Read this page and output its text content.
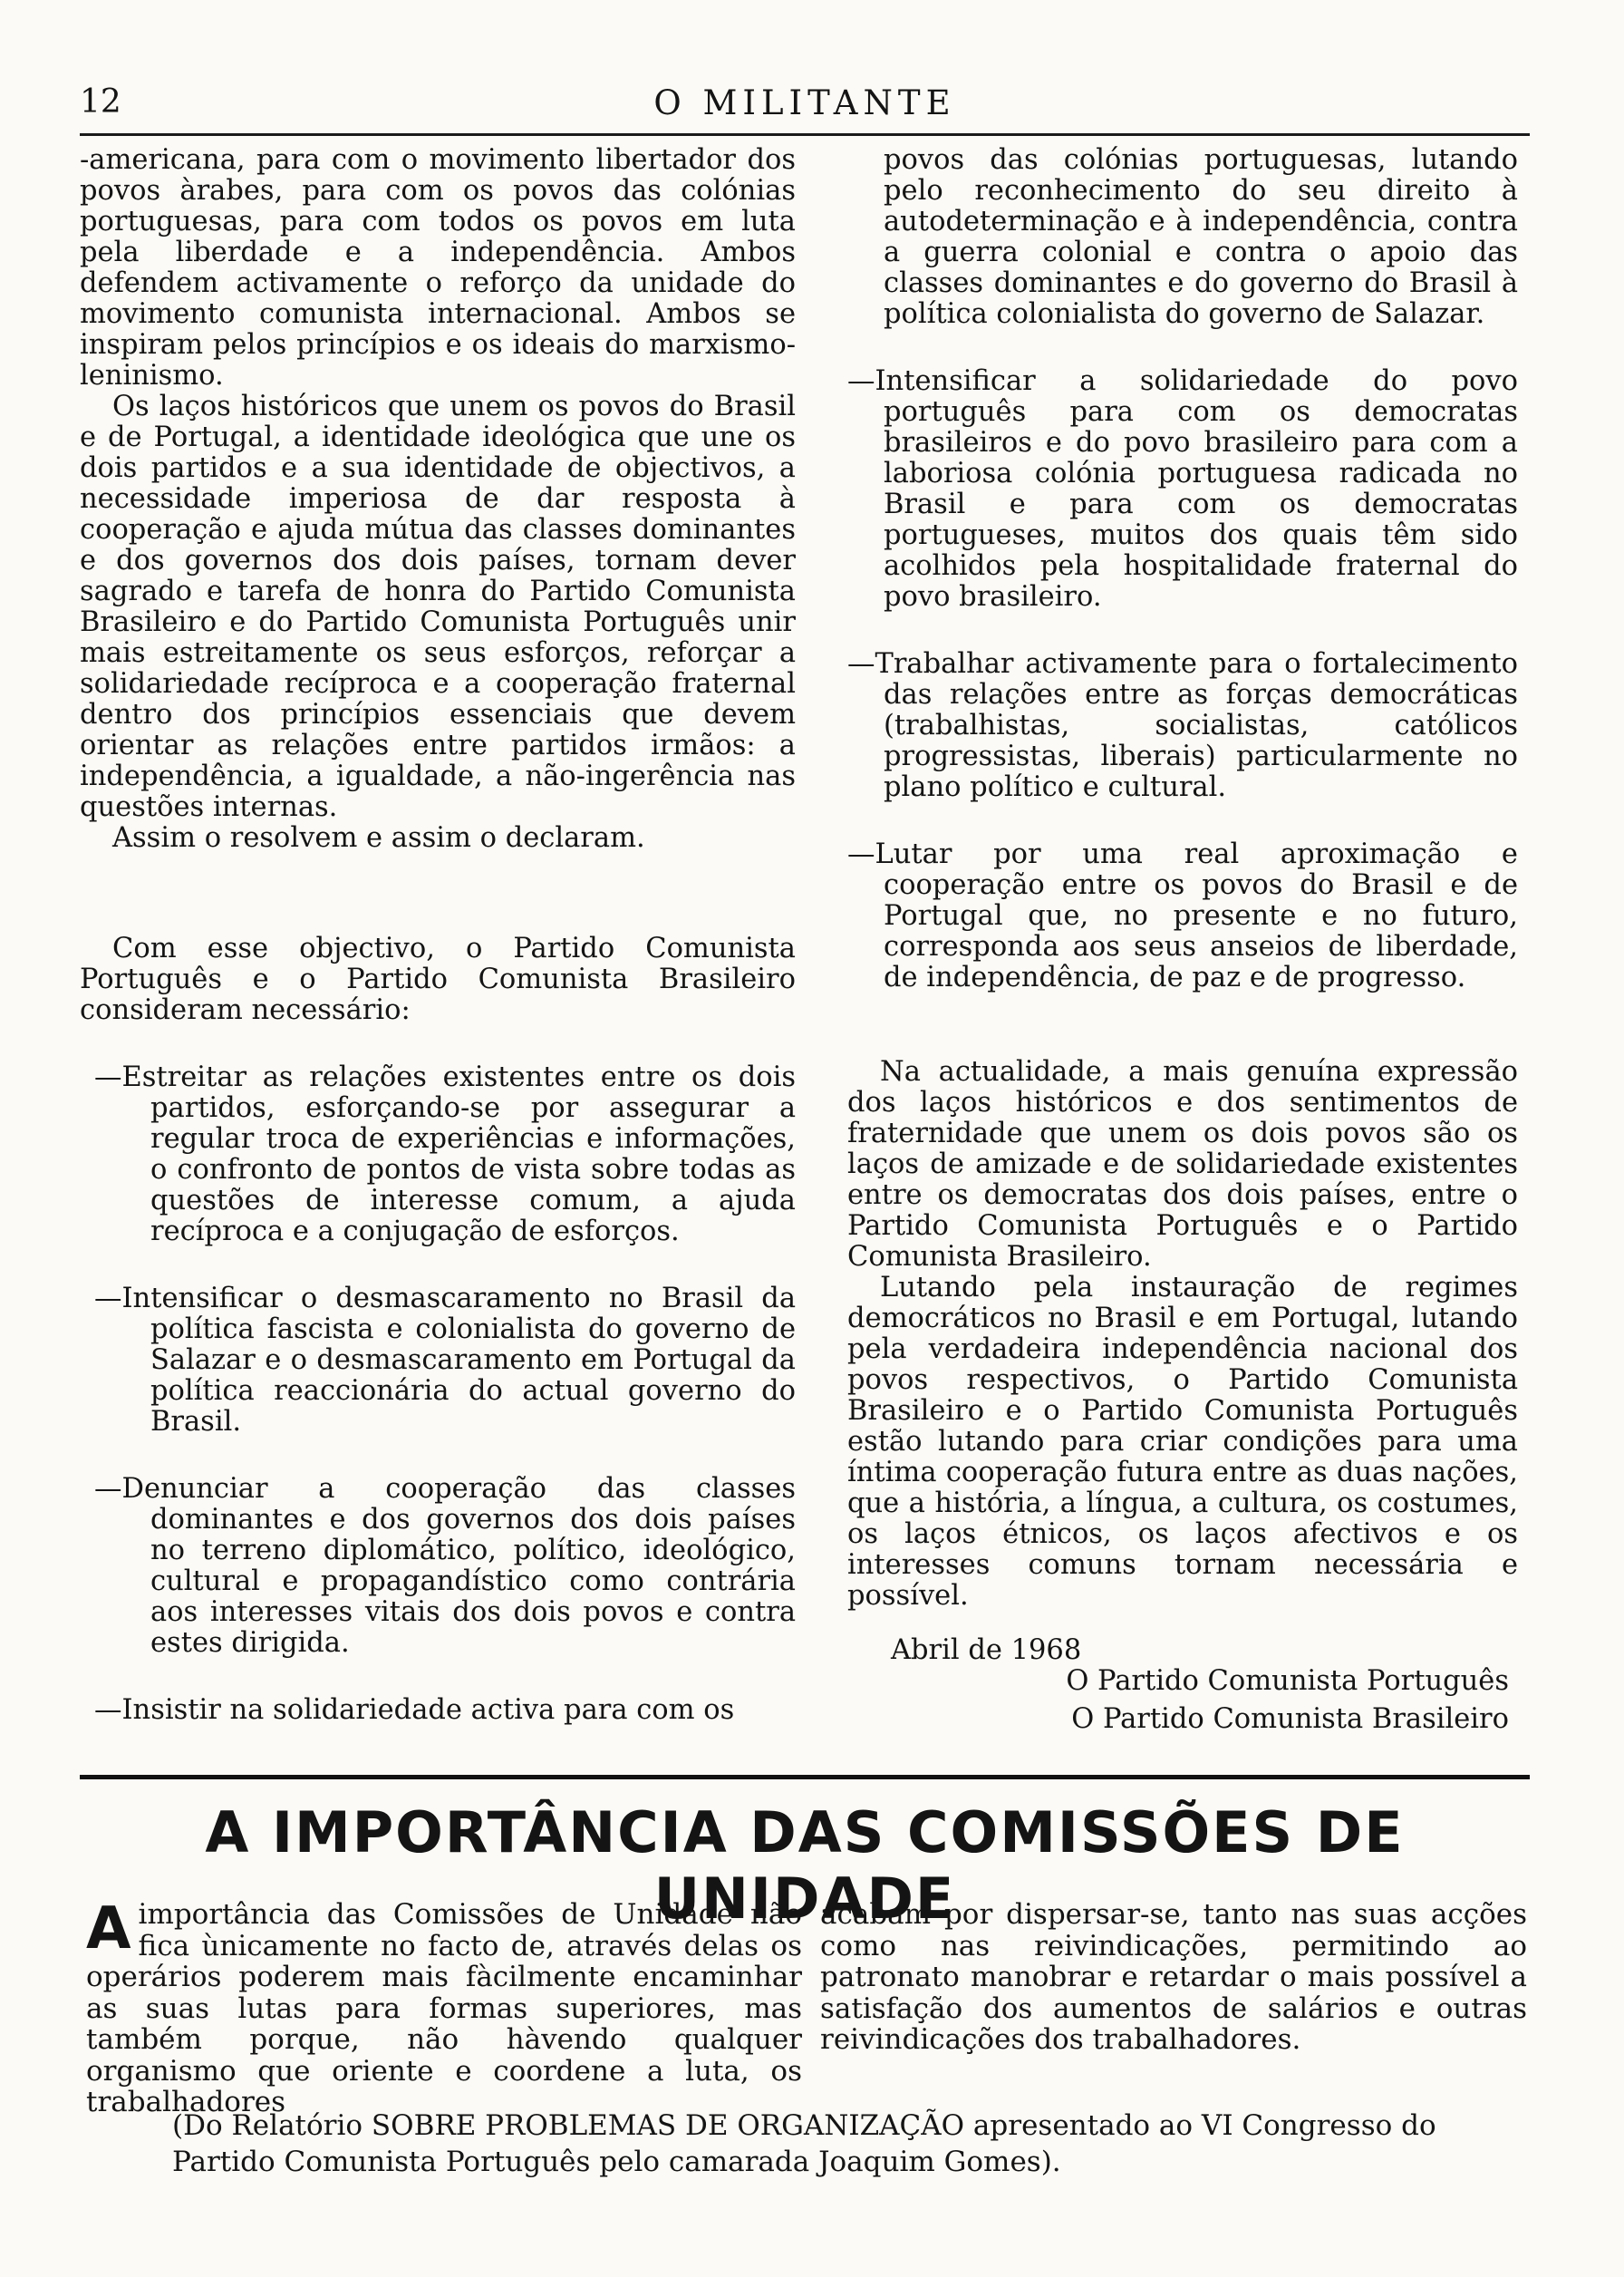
12	O MILITANTE

-americana, para com o movimento libertador dos povos àrabes, para com os povos das colónias portuguesas, para com todos os povos em luta pela liberdade e a independência. Ambos defendem activamente o reforço da unidade do movimento comunista internacional. Ambos se inspiram pelos princípios e os ideais do marxismo-leninismo.

Os laços históricos que unem os povos do Brasil e de Portugal, a identidade ideológica que une os dois partidos e a sua identidade de objectivos, a necessidade imperiosa de dar resposta à cooperação e ajuda mútua das classes dominantes e dos governos dos dois países, tornam dever sagrado e tarefa de honra do Partido Comunista Brasileiro e do Partido Comunista Português unir mais estreitamente os seus esforços, reforçar a solidariedade recíproca e a cooperação fraternal dentro dos princípios essenciais que devem orientar as relações entre partidos irmãos: a independência, a igualdade, a não-ingerência nas questões internas.

Assim o resolvem e assim o declaram.

Com esse objectivo, o Partido Comunista Português e o Partido Comunista Brasileiro consideram necessário:

—Estreitar as relações existentes entre os dois partidos, esforçando-se por assegurar a regular troca de experiências e informações, o confronto de pontos de vista sobre todas as questões de interesse comum, a ajuda recíproca e a conjugação de esforços.

—Intensificar o desmascaramento no Brasil da política fascista e colonialista do governo de Salazar e o desmascaramento em Portugal da política reaccionária do actual governo do Brasil.

—Denunciar a cooperação das classes dominantes e dos governos dos dois países no terreno diplomático, político, ideológico, cultural e propagandístico como contrária aos interesses vitais dos dois povos e contra estes dirigida.

—Insistir na solidariedade activa para com os

povos das colónias portuguesas, lutando pelo reconhecimento do seu direito à autodeterminação e à independência, contra a guerra colonial e contra o apoio das classes dominantes e do governo do Brasil à política colonialista do governo de Salazar.

—Intensificar a solidariedade do povo português para com os democratas brasileiros e do povo brasileiro para com a laboriosa colónia portuguesa radicada no Brasil e para com os democratas portugueses, muitos dos quais têm sido acolhidos pela hospitalidade fraternal do povo brasileiro.

—Trabalhar activamente para o fortalecimento das relações entre as forças democráticas (trabalhistas, socialistas, católicos progressistas, liberais) particularmente no plano político e cultural.

—Lutar por uma real aproximação e cooperação entre os povos do Brasil e de Portugal que, no presente e no futuro, corresponda aos seus anseios de liberdade, de independência, de paz e de progresso.

Na actualidade, a mais genuína expressão dos laços históricos e dos sentimentos de fraternidade que unem os dois povos são os laços de amizade e de solidariedade existentes entre os democratas dos dois países, entre o Partido Comunista Português e o Partido Comunista Brasileiro.

Lutando pela instauração de regimes democráticos no Brasil e em Portugal, lutando pela verdadeira independência nacional dos povos respectivos, o Partido Comunista Brasileiro e o Partido Comunista Português estão lutando para criar condições para uma íntima cooperação futura entre as duas nações, que a história, a língua, a cultura, os costumes, os laços étnicos, os laços afectivos e os interesses comuns tornam necessária e possível.

Abril de 1968

O Partido Comunista Português

O Partido Comunista Brasileiro

A IMPORTÂNCIA DAS COMISSÕES DE UNIDADE
A importância das Comissões de Unidade não fica ùnicamente no facto de, através delas os operários poderem mais fàcilmente encaminhar as suas lutas para formas superiores, mas também porque, não hàvendo qualquer organismo que oriente e coordene a luta, os trabalhadores
acabam por dispersar-se, tanto nas suas acções como nas reivindicações, permitindo ao patronato manobrar e retardar o mais possível a satisfação dos aumentos de salários e outras reivindicações dos trabalhadores.
(Do Relatório SOBRE PROBLEMAS DE ORGANIZAÇÃO apresentado ao VI Congresso do Partido Comunista Português pelo camarada Joaquim Gomes).
